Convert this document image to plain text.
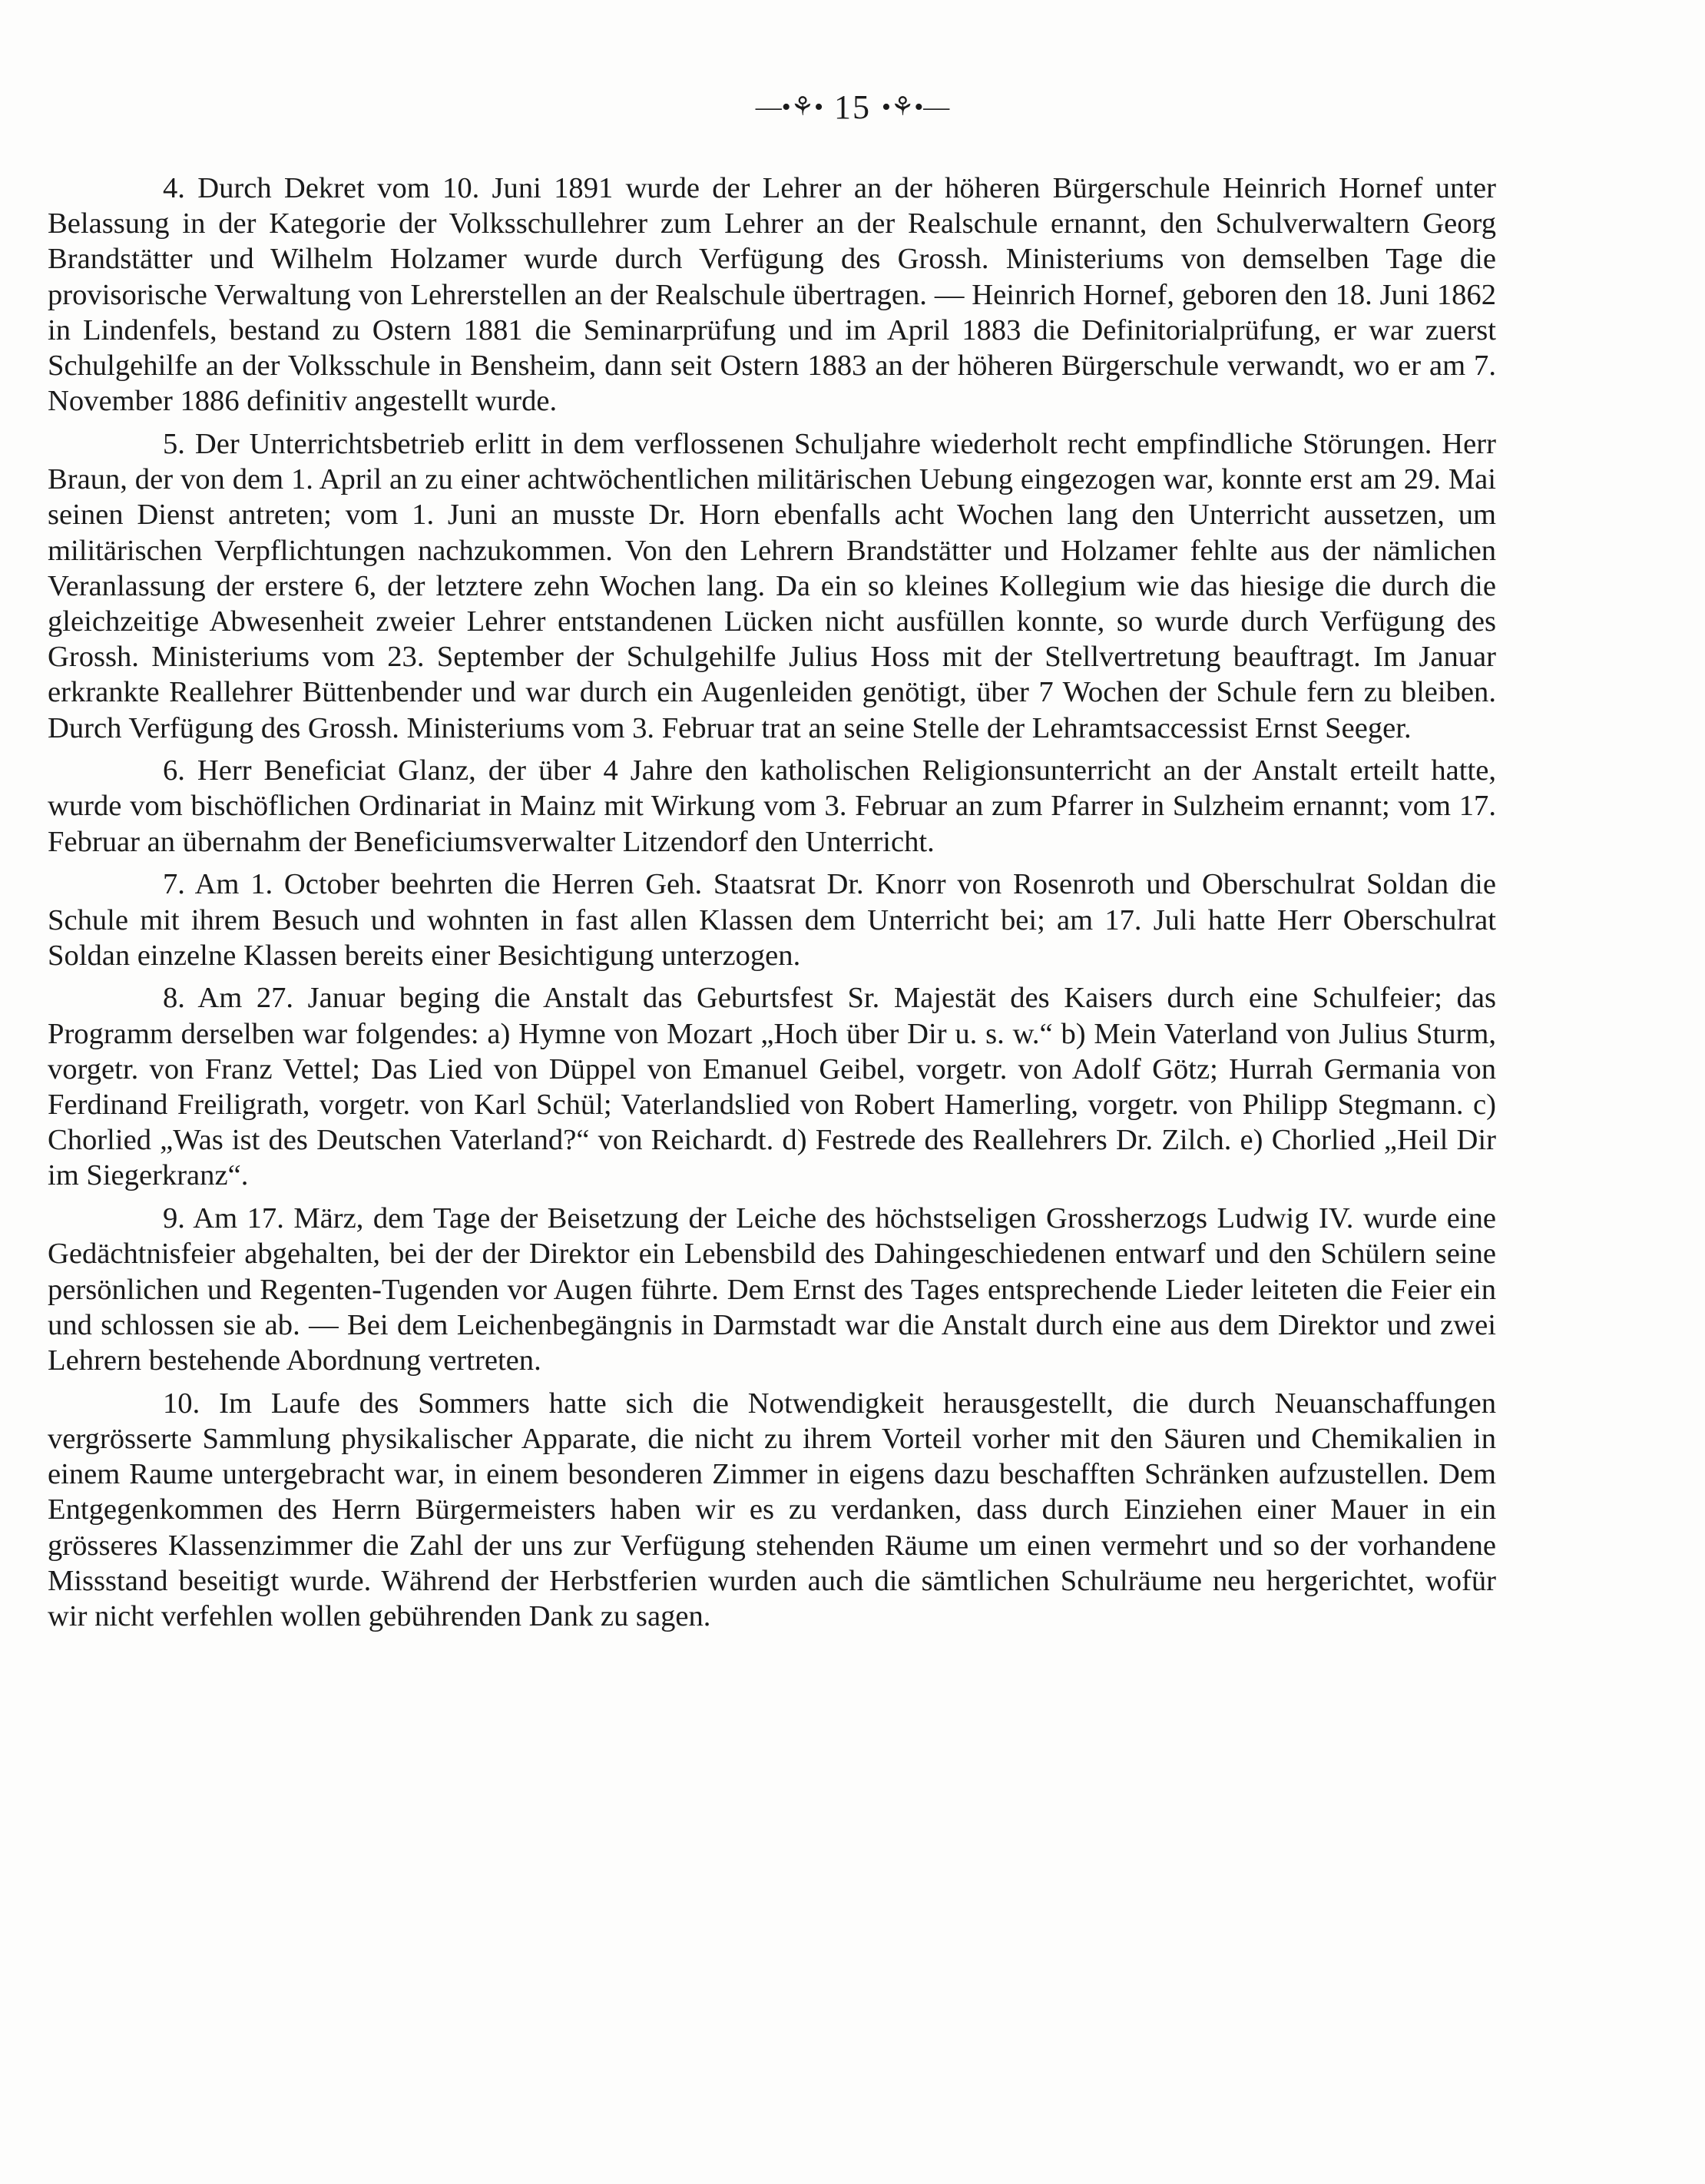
—•⚘• 15 •⚘•—

4. Durch Dekret vom 10. Juni 1891 wurde der Lehrer an der höheren Bürgerschule Heinrich Hornef unter Belassung in der Kategorie der Volksschullehrer zum Lehrer an der Realschule ernannt, den Schulverwaltern Georg Brandstätter und Wilhelm Holzamer wurde durch Verfügung des Grossh. Ministeriums von demselben Tage die provisorische Verwaltung von Lehrerstellen an der Realschule übertragen. — Heinrich Hornef, geboren den 18. Juni 1862 in Lindenfels, bestand zu Ostern 1881 die Seminarprüfung und im April 1883 die Definitorialprüfung, er war zuerst Schulgehilfe an der Volksschule in Bensheim, dann seit Ostern 1883 an der höheren Bürgerschule verwandt, wo er am 7. November 1886 definitiv angestellt wurde.

5. Der Unterrichtsbetrieb erlitt in dem verflossenen Schuljahre wiederholt recht empfindliche Störungen. Herr Braun, der von dem 1. April an zu einer achtwöchentlichen militärischen Uebung eingezogen war, konnte erst am 29. Mai seinen Dienst antreten; vom 1. Juni an musste Dr. Horn ebenfalls acht Wochen lang den Unterricht aussetzen, um militärischen Verpflichtungen nachzukommen. Von den Lehrern Brandstätter und Holzamer fehlte aus der nämlichen Veranlassung der erstere 6, der letztere zehn Wochen lang. Da ein so kleines Kollegium wie das hiesige die durch die gleichzeitige Abwesenheit zweier Lehrer entstandenen Lücken nicht ausfüllen konnte, so wurde durch Verfügung des Grossh. Ministeriums vom 23. September der Schulgehilfe Julius Hoss mit der Stellvertretung beauftragt. Im Januar erkrankte Reallehrer Büttenbender und war durch ein Augenleiden genötigt, über 7 Wochen der Schule fern zu bleiben. Durch Verfügung des Grossh. Ministeriums vom 3. Februar trat an seine Stelle der Lehramtsaccessist Ernst Seeger.

6. Herr Beneficiat Glanz, der über 4 Jahre den katholischen Religionsunterricht an der Anstalt erteilt hatte, wurde vom bischöflichen Ordinariat in Mainz mit Wirkung vom 3. Februar an zum Pfarrer in Sulzheim ernannt; vom 17. Februar an übernahm der Beneficiumsverwalter Litzendorf den Unterricht.

7. Am 1. October beehrten die Herren Geh. Staatsrat Dr. Knorr von Rosenroth und Oberschulrat Soldan die Schule mit ihrem Besuch und wohnten in fast allen Klassen dem Unterricht bei; am 17. Juli hatte Herr Oberschulrat Soldan einzelne Klassen bereits einer Besichtigung unterzogen.

8. Am 27. Januar beging die Anstalt das Geburtsfest Sr. Majestät des Kaisers durch eine Schulfeier; das Programm derselben war folgendes: a) Hymne von Mozart „Hoch über Dir u. s. w.“ b) Mein Vaterland von Julius Sturm, vorgetr. von Franz Vettel; Das Lied von Düppel von Emanuel Geibel, vorgetr. von Adolf Götz; Hurrah Germania von Ferdinand Freiligrath, vorgetr. von Karl Schül; Vaterlandslied von Robert Hamerling, vorgetr. von Philipp Stegmann. c) Chorlied „Was ist des Deutschen Vaterland?“ von Reichardt. d) Festrede des Reallehrers Dr. Zilch. e) Chorlied „Heil Dir im Siegerkranz“.

9. Am 17. März, dem Tage der Beisetzung der Leiche des höchstseligen Grossherzogs Ludwig IV. wurde eine Gedächtnisfeier abgehalten, bei der der Direktor ein Lebensbild des Dahingeschiedenen entwarf und den Schülern seine persönlichen und Regenten-Tugenden vor Augen führte. Dem Ernst des Tages entsprechende Lieder leiteten die Feier ein und schlossen sie ab. — Bei dem Leichenbegängnis in Darmstadt war die Anstalt durch eine aus dem Direktor und zwei Lehrern bestehende Abordnung vertreten.

10. Im Laufe des Sommers hatte sich die Notwendigkeit herausgestellt, die durch Neuanschaffungen vergrösserte Sammlung physikalischer Apparate, die nicht zu ihrem Vorteil vorher mit den Säuren und Chemikalien in einem Raume untergebracht war, in einem besonderen Zimmer in eigens dazu beschafften Schränken aufzustellen. Dem Entgegenkommen des Herrn Bürgermeisters haben wir es zu verdanken, dass durch Einziehen einer Mauer in ein grösseres Klassenzimmer die Zahl der uns zur Verfügung stehenden Räume um einen vermehrt und so der vorhandene Missstand beseitigt wurde. Während der Herbstferien wurden auch die sämtlichen Schulräume neu hergerichtet, wofür wir nicht verfehlen wollen gebührenden Dank zu sagen.
